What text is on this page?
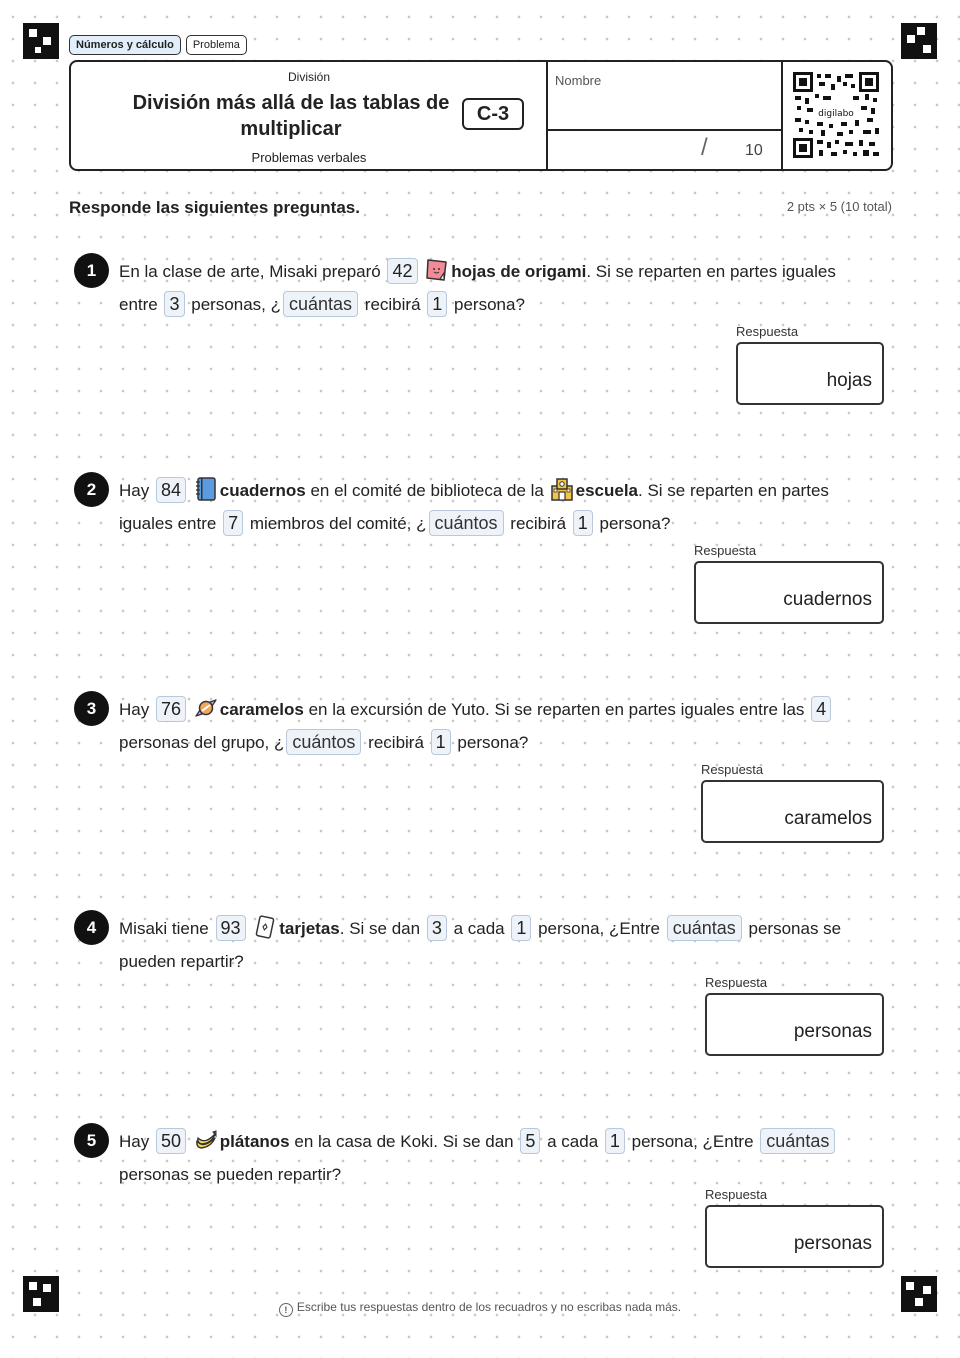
Números y cálculo	Problema
División
División más allá de las tablas de multiplicar
Problemas verbales
C-3
Nombre
/ 10
digilabo
Responde las siguientes preguntas.	2 pts × 5 (10 total)
1	En la clase de arte, Misaki preparó 42 hojas de origami. Si se reparten en partes iguales entre 3 personas, ¿ cuántas recibirá 1 persona?
Respuesta
hojas
2	Hay 84 cuadernos en el comité de biblioteca de la escuela. Si se reparten en partes iguales entre 7 miembros del comité, ¿ cuántos recibirá 1 persona?
Respuesta
cuadernos
3	Hay 76 caramelos en la excursión de Yuto. Si se reparten en partes iguales entre las 4 personas del grupo, ¿ cuántos recibirá 1 persona?
Respuesta
caramelos
4	Misaki tiene 93 tarjetas. Si se dan 3 a cada 1 persona, ¿Entre cuántas personas se pueden repartir?
Respuesta
personas
5	Hay 50 plátanos en la casa de Koki. Si se dan 5 a cada 1 persona, ¿Entre cuántas personas se pueden repartir?
Respuesta
personas
! Escribe tus respuestas dentro de los recuadros y no escribas nada más.
